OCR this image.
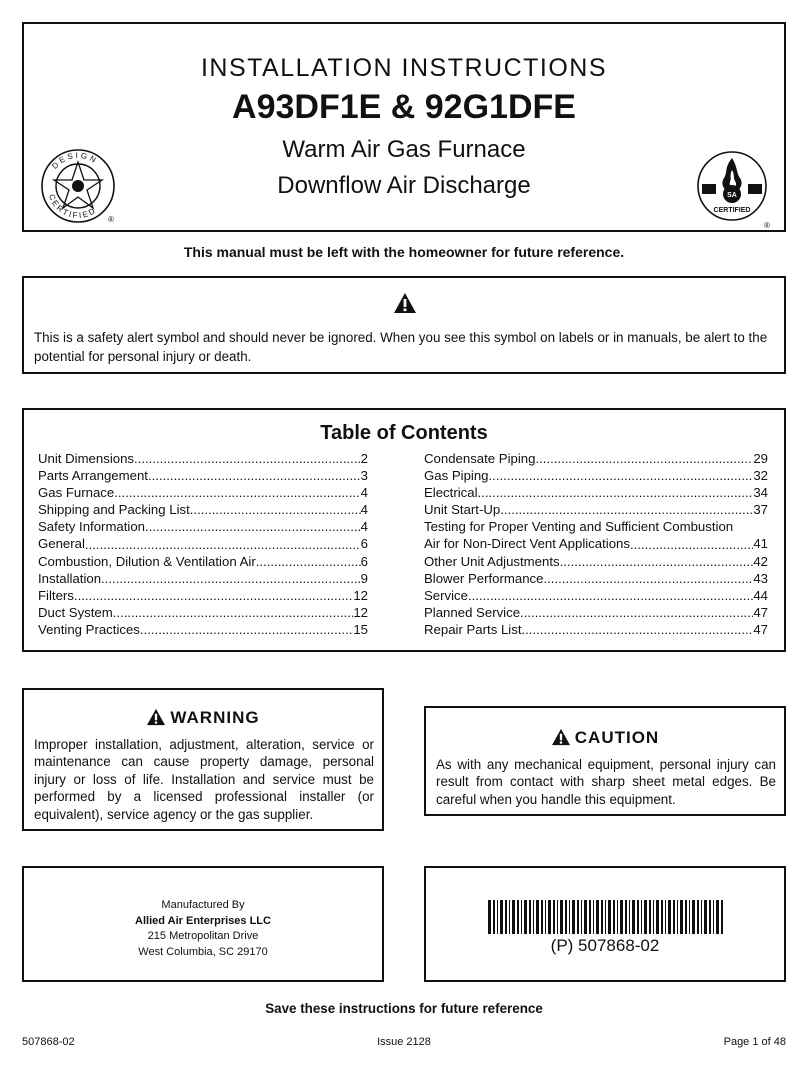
DESIGN
CERTIFIED
®
INSTALLATION INSTRUCTIONS
A93DF1E & 92G1DFE
Warm Air Gas Furnace
Downflow Air Discharge	SA
CERTIFIED
®
This manual must be left with the homeowner for future reference.
This is a safety alert symbol and should never be ignored. When you see this symbol on labels or in manuals, be alert to the potential for personal injury or death.
Table of Contents
Unit Dimensions .....	2
Parts Arrangement .....	3
Gas Furnace .....	4
Shipping and Packing List .....	4
Safety Information .....	4
General .....	6
Combustion, Dilution & Ventilation Air .....	6
Installation .....	9
Filters .....	12
Duct System .....	12
Venting Practices .....	15
Condensate Piping .....	29
Gas Piping .....	32
Electrical .....	34
Unit Start-Up .....	37
Testing for Proper Venting and Sufficient Combustion
Air for Non-Direct Vent Applications .....	41
Other Unit Adjustments .....	42
Blower Performance .....	43
Service .....	44
Planned Service .....	47
Repair Parts List .....	47
WARNING
Improper installation, adjustment, alteration, service or maintenance can cause property damage, personal injury or loss of life. Installation and service must be performed by a licensed professional installer (or equivalent), service agency or the gas supplier.
CAUTION
As with any mechanical equipment, personal injury can result from contact with sharp sheet metal edges. Be careful when you handle this equipment.
Manufactured By
Allied Air Enterprises LLC
215 Metropolitan Drive
West Columbia, SC 29170	(P) 507868-02
Save these instructions for future reference
507868-02	Issue 2128	Page 1 of 48
